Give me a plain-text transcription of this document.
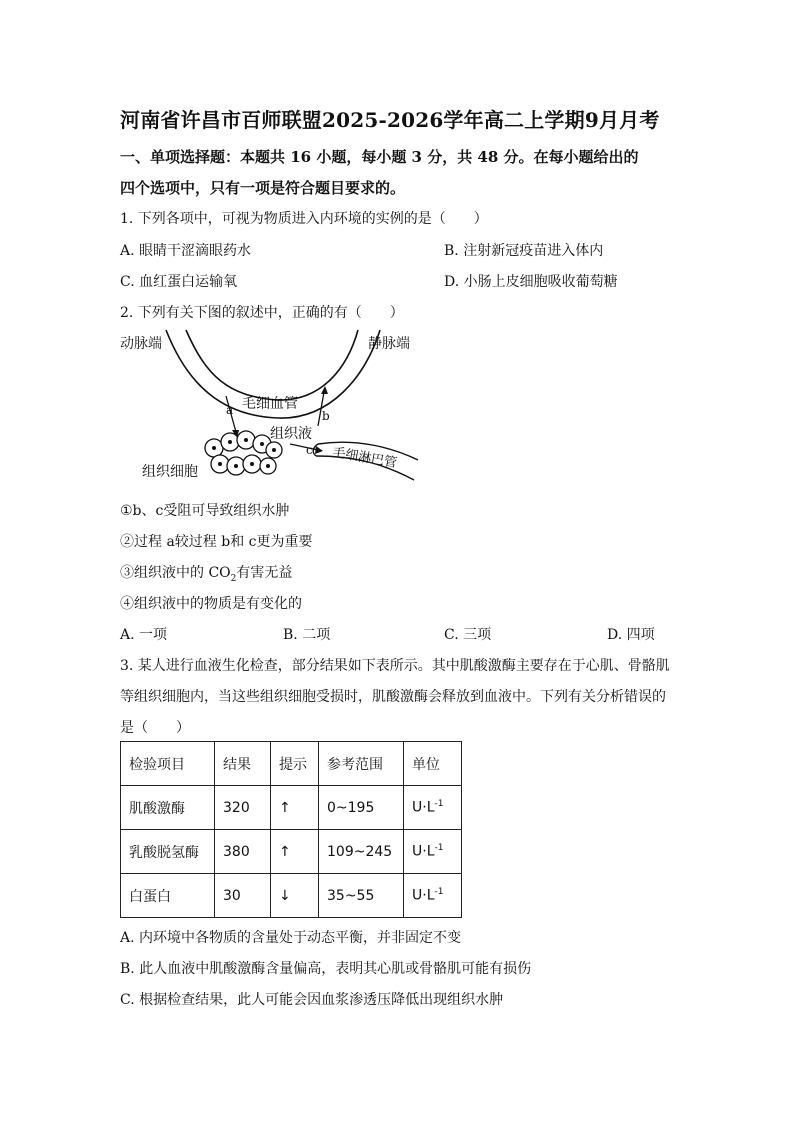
河南省许昌市百师联盟2025-2026学年高二上学期9月月考
一、单项选择题：本题共 16 小题，每小题 3 分，共 48 分。在每小题给出的
四个选项中，只有一项是符合题目要求的。
1. 下列各项中，可视为物质进入内环境的实例的是（　　）
A. 眼睛干涩滴眼药水	B. 注射新冠疫苗进入体内
C. 血红蛋白运输氧	D. 小肠上皮细胞吸收葡萄糖
2. 下列有关下图的叙述中，正确的有（　　）
动脉端	静脉端
毛细血管
组织液
毛细淋巴管
组织细胞
a	b
c
①b、c受阻可导致组织水肿
②过程 a较过程 b和 c更为重要
③组织液中的 $CO_2$有害无益
④组织液中的物质是有变化的
A. 一项	B. 二项	C. 三项	D. 四项
3. 某人进行血液生化检查，部分结果如下表所示。其中肌酸激酶主要存在于心肌、骨骼肌
等组织细胞内，当这些组织细胞受损时，肌酸激酶会释放到血液中。下列有关分析错误的
是（　　）
检验项目	结果	提示	参考范围	单位
肌酸激酶	320	↑	0~195	$U\cdot L^{-1}$
乳酸脱氢酶	380	↑	109~245	$U\cdot L^{-1}$
白蛋白	30	↓	35~55	$U\cdot L^{-1}$
A. 内环境中各物质的含量处于动态平衡，并非固定不变
B. 此人血液中肌酸激酶含量偏高，表明其心肌或骨骼肌可能有损伤
C. 根据检查结果，此人可能会因血浆渗透压降低出现组织水肿
